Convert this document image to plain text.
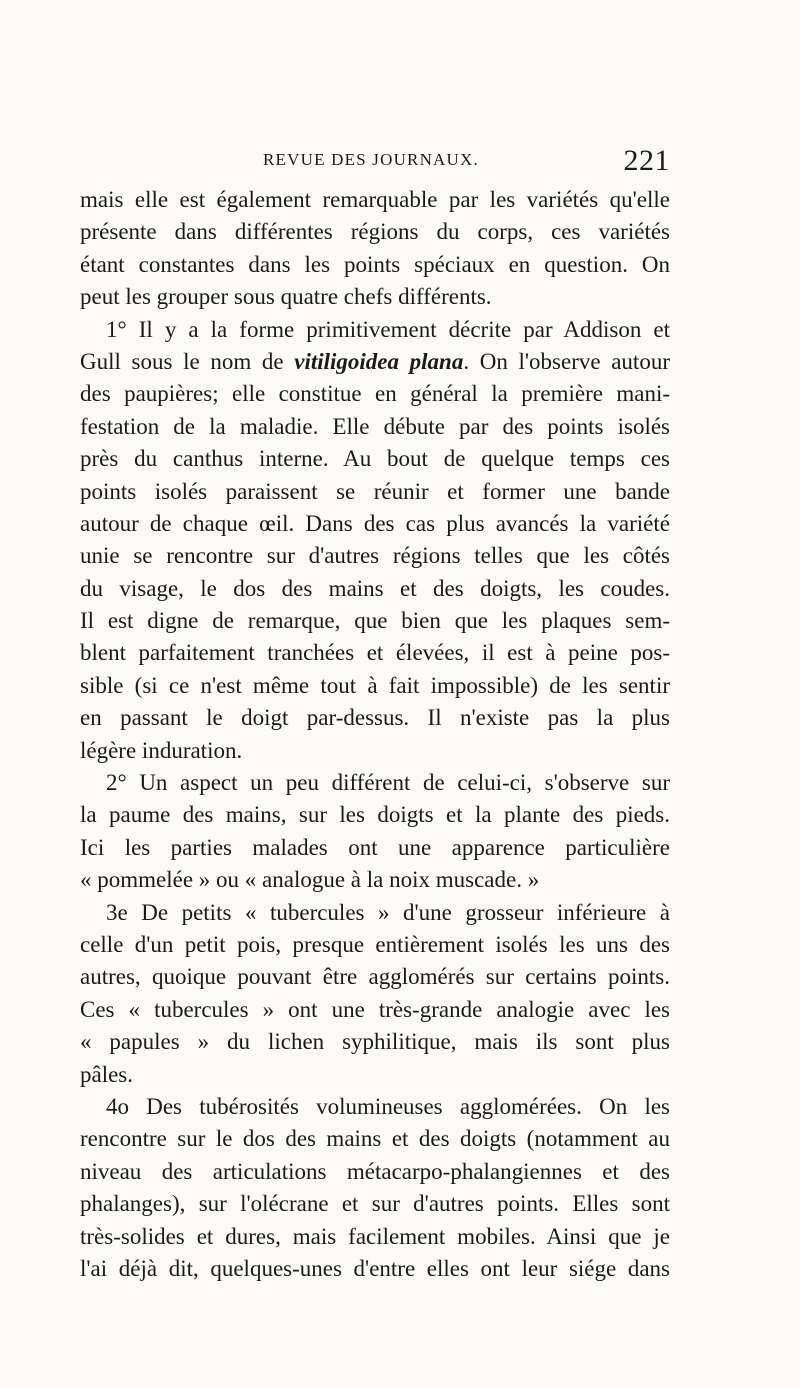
REVUE DES JOURNAUX.	221
mais elle est également remarquable par les variétés qu'elle
présente dans différentes régions du corps, ces variétés
étant constantes dans les points spéciaux en question. On
peut les grouper sous quatre chefs différents.
1° Il y a la forme primitivement décrite par Addison et
Gull sous le nom de vitiligoidea plana. On l'observe autour
des paupières; elle constitue en général la première mani-
festation de la maladie. Elle débute par des points isolés
près du canthus interne. Au bout de quelque temps ces
points isolés paraissent se réunir et former une bande
autour de chaque œil. Dans des cas plus avancés la variété
unie se rencontre sur d'autres régions telles que les côtés
du visage, le dos des mains et des doigts, les coudes.
Il est digne de remarque, que bien que les plaques sem-
blent parfaitement tranchées et élevées, il est à peine pos-
sible (si ce n'est même tout à fait impossible) de les sentir
en passant le doigt par-dessus. Il n'existe pas la plus
légère induration.
2° Un aspect un peu différent de celui-ci, s'observe sur
la paume des mains, sur les doigts et la plante des pieds.
Ici les parties malades ont une apparence particulière
« pommelée » ou « analogue à la noix muscade. »
3e De petits « tubercules » d'une grosseur inférieure à
celle d'un petit pois, presque entièrement isolés les uns des
autres, quoique pouvant être agglomérés sur certains points.
Ces « tubercules » ont une très-grande analogie avec les
« papules » du lichen syphilitique, mais ils sont plus
pâles.
4o Des tubérosités volumineuses agglomérées. On les
rencontre sur le dos des mains et des doigts (notamment au
niveau des articulations métacarpo-phalangiennes et des
phalanges), sur l'olécrane et sur d'autres points. Elles sont
très-solides et dures, mais facilement mobiles. Ainsi que je
l'ai déjà dit, quelques-unes d'entre elles ont leur siége dans
